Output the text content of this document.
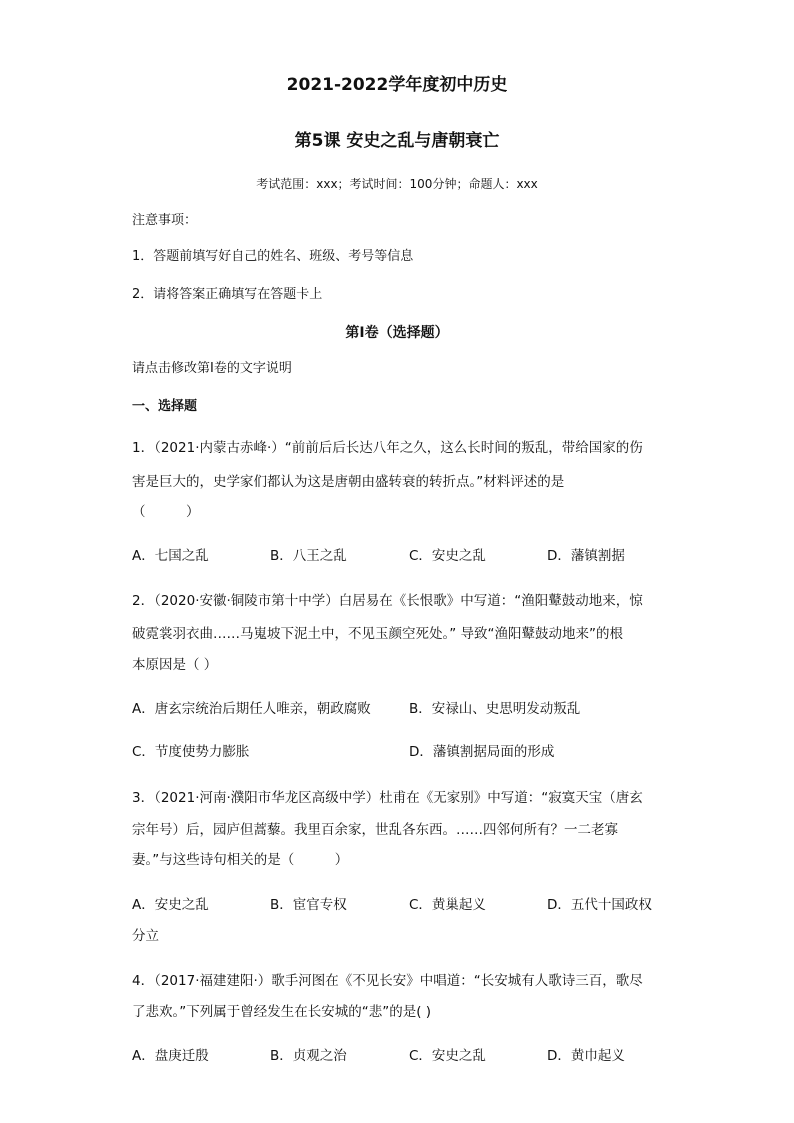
2021-2022学年度初中历史
第5课 安史之乱与唐朝衰亡
考试范围：xxx；考试时间：100分钟；命题人：xxx
注意事项：
1．答题前填写好自己的姓名、班级、考号等信息
2．请将答案正确填写在答题卡上
第I卷（选择题）
请点击修改第I卷的文字说明
一、选择题
1．（2021·内蒙古赤峰·）“前前后后长达八年之久，这么长时间的叛乱，带给国家的伤
害是巨大的，史学家们都认为这是唐朝由盛转衰的转折点。”材料评述的是
（　　　）
A．七国之乱	B．八王之乱	C．安史之乱	D．藩镇割据
2．（2020·安徽·铜陵市第十中学）白居易在《长恨歌》中写道：“渔阳鼙鼓动地来，惊
破霓裳羽衣曲……马嵬坡下泥土中，不见玉颜空死处。” 导致“渔阳鼙鼓动地来”的根
本原因是（ ）
A．唐玄宗统治后期任人唯亲，朝政腐败	B．安禄山、史思明发动叛乱
C．节度使势力膨胀	D．藩镇割据局面的形成
3．（2021·河南·濮阳市华龙区高级中学）杜甫在《无家别》中写道：“寂寞天宝（唐玄
宗年号）后，园庐但蒿藜。我里百余家，世乱各东西。……四邻何所有？一二老寡
妻。”与这些诗句相关的是（　　　）
A．安史之乱	B．宦官专权	C．黄巢起义	D．五代十国政权
分立
4．（2017·福建建阳·）歌手河图在《不见长安》中唱道：“长安城有人歌诗三百，歌尽
了悲欢。”下列属于曾经发生在长安城的“悲”的是( )
A．盘庚迁殷	B．贞观之治	C．安史之乱	D．黄巾起义
